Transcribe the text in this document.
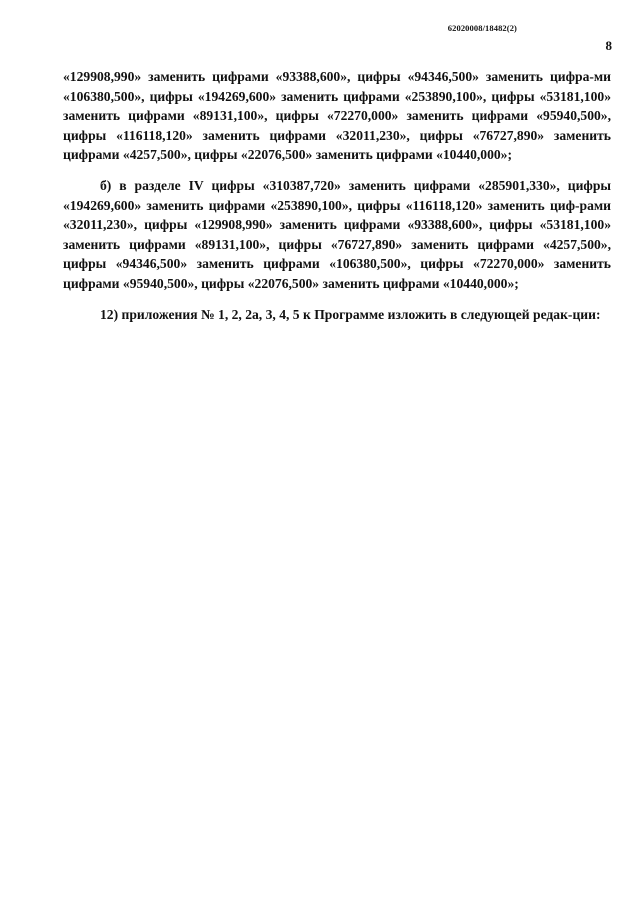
62020008/18482(2)
8

«129908,990» заменить цифрами «93388,600», цифры «94346,500» заменить цифра-ми «106380,500», цифры «194269,600» заменить цифрами «253890,100», цифры «53181,100» заменить цифрами «89131,100», цифры «72270,000» заменить цифрами «95940,500», цифры «116118,120» заменить цифрами «32011,230», цифры «76727,890» заменить цифрами «4257,500», цифры «22076,500» заменить цифрами «10440,000»;

б) в разделе IV цифры «310387,720» заменить цифрами «285901,330», цифры «194269,600» заменить цифрами «253890,100», цифры «116118,120» заменить циф-рами «32011,230», цифры «129908,990» заменить цифрами «93388,600», цифры «53181,100» заменить цифрами «89131,100», цифры «76727,890» заменить цифрами «4257,500», цифры «94346,500» заменить цифрами «106380,500», цифры «72270,000» заменить цифрами «95940,500», цифры «22076,500» заменить цифрами «10440,000»;

12) приложения № 1, 2, 2а, 3, 4, 5 к Программе изложить в следующей редак-ции:
